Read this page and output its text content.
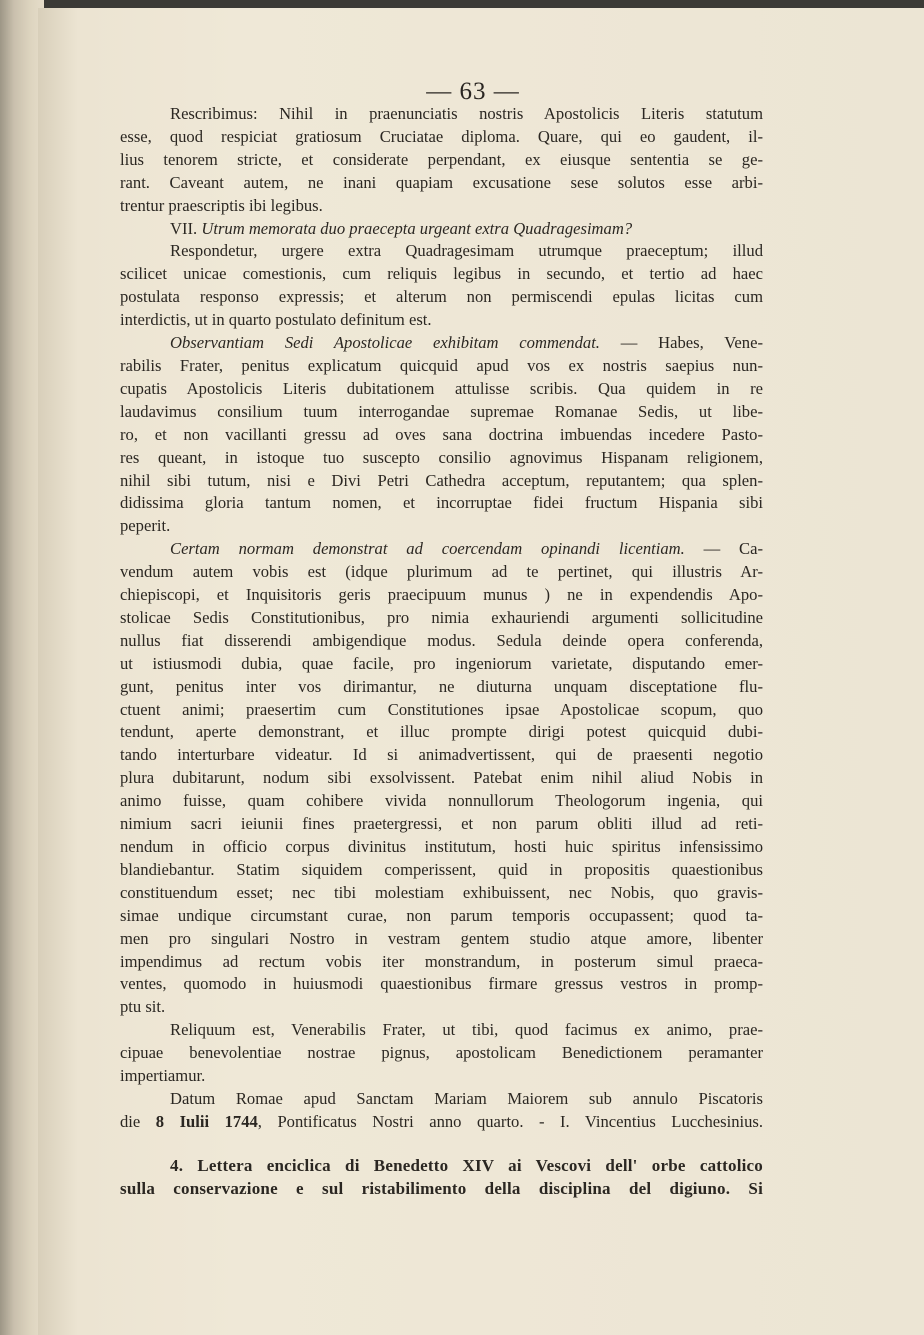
— 63 —
Rescribimus: Nihil in praenunciatis nostris Apostolicis Literis statutum
esse, quod respiciat gratiosum Cruciatae diploma. Quare, qui eo gaudent, il-
lius tenorem stricte, et considerate perpendant, ex eiusque sententia se ge-
rant. Caveant autem, ne inani quapiam excusatione sese solutos esse arbi-
trentur praescriptis ibi legibus.
VII. Utrum memorata duo praecepta urgeant extra Quadragesimam?
Respondetur, urgere extra Quadragesimam utrumque praeceptum; illud
scilicet unicae comestionis, cum reliquis legibus in secundo, et tertio ad haec
postulata responso expressis; et alterum non permiscendi epulas licitas cum
interdictis, ut in quarto postulato definitum est.
Observantiam Sedi Apostolicae exhibitam commendat. — Habes, Vene-
rabilis Frater, penitus explicatum quicquid apud vos ex nostris saepius nun-
cupatis Apostolicis Literis dubitationem attulisse scribis. Qua quidem in re
laudavimus consilium tuum interrogandae supremae Romanae Sedis, ut libe-
ro, et non vacillanti gressu ad oves sana doctrina imbuendas incedere Pasto-
res queant, in istoque tuo suscepto consilio agnovimus Hispanam religionem,
nihil sibi tutum, nisi e Divi Petri Cathedra acceptum, reputantem; qua splen-
didissima gloria tantum nomen, et incorruptae fidei fructum Hispania sibi
peperit.
Certam normam demonstrat ad coercendam opinandi licentiam. — Ca-
vendum autem vobis est (idque plurimum ad te pertinet, qui illustris Ar-
chiepiscopi, et Inquisitoris geris praecipuum munus ) ne in expendendis Apo-
stolicae Sedis Constitutionibus, pro nimia exhauriendi argumenti sollicitudine
nullus fiat disserendi ambigendique modus. Sedula deinde opera conferenda,
ut istiusmodi dubia, quae facile, pro ingeniorum varietate, disputando emer-
gunt, penitus inter vos dirimantur, ne diuturna unquam disceptatione flu-
ctuent animi; praesertim cum Constitutiones ipsae Apostolicae scopum, quo
tendunt, aperte demonstrant, et illuc prompte dirigi potest quicquid dubi-
tando interturbare videatur. Id si animadvertissent, qui de praesenti negotio
plura dubitarunt, nodum sibi exsolvissent. Patebat enim nihil aliud Nobis in
animo fuisse, quam cohibere vivida nonnullorum Theologorum ingenia, qui
nimium sacri ieiunii fines praetergressi, et non parum obliti illud ad reti-
nendum in officio corpus divinitus institutum, hosti huic spiritus infensissimo
blandiebantur. Statim siquidem comperissent, quid in propositis quaestionibus
constituendum esset; nec tibi molestiam exhibuissent, nec Nobis, quo gravis-
simae undique circumstant curae, non parum temporis occupassent; quod ta-
men pro singulari Nostro in vestram gentem studio atque amore, libenter
impendimus ad rectum vobis iter monstrandum, in posterum simul praeca-
ventes, quomodo in huiusmodi quaestionibus firmare gressus vestros in promp-
ptu sit.
Reliquum est, Venerabilis Frater, ut tibi, quod facimus ex animo, prae-
cipuae benevolentiae nostrae pignus, apostolicam Benedictionem peramanter
impertiamur.
Datum Romae apud Sanctam Mariam Maiorem sub annulo Piscatoris
die 8 Iulii 1744, Pontificatus Nostri anno quarto. - I. Vincentius Lucchesinius.
4. Lettera enciclica di Benedetto XIV ai Vescovi dell' orbe cattolico
sulla conservazione e sul ristabilimento della disciplina del digiuno. Si
